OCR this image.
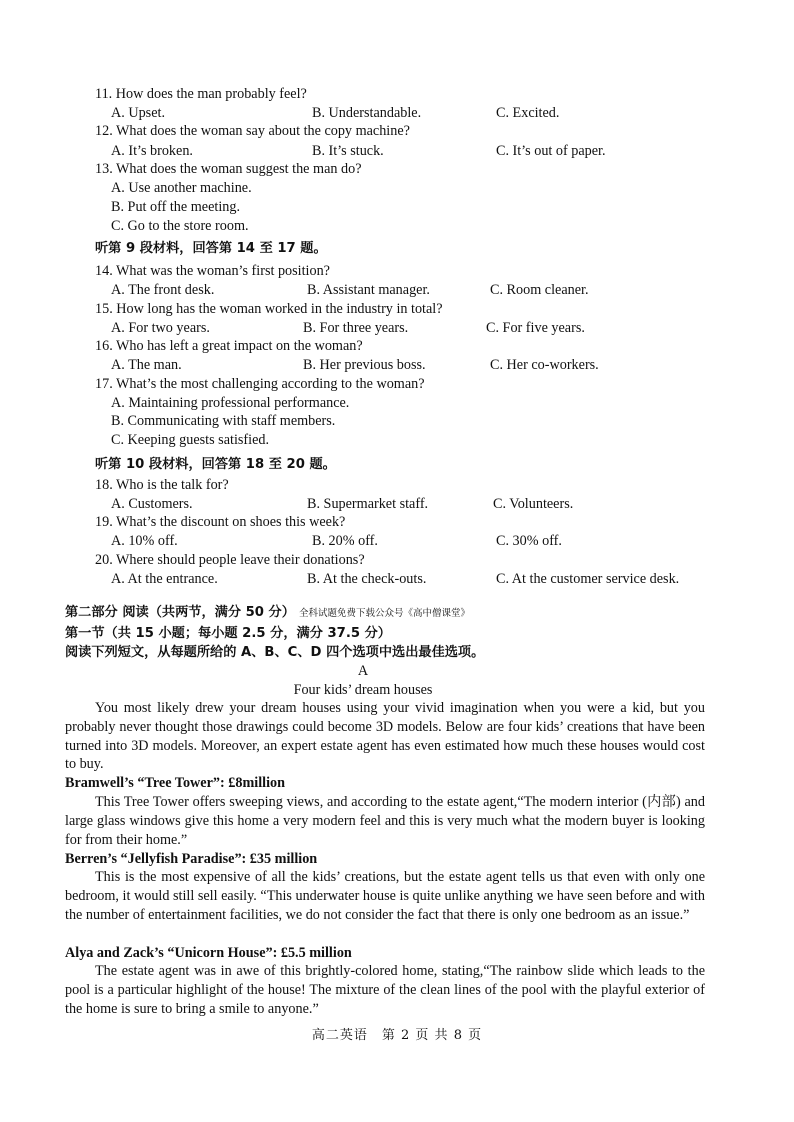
11. How does the man probably feel?
A. Upset.	B. Understandable.	C. Excited.
12. What does the woman say about the copy machine?
A. It’s broken.	B. It’s stuck.	C. It’s out of paper.
13. What does the woman suggest the man do?
A. Use another machine.
B. Put off the meeting.
C. Go to the store room.
听第 9 段材料，回答第 14 至 17 题。
14. What was the woman’s first position?
A. The front desk.	B. Assistant manager.	C. Room cleaner.
15. How long has the woman worked in the industry in total?
A. For two years.	B. For three years.	C. For five years.
16. Who has left a great impact on the woman?
A. The man.	B. Her previous boss.	C. Her co-workers.
17. What’s the most challenging according to the woman?
A. Maintaining professional performance.
B. Communicating with staff members.
C. Keeping guests satisfied.
听第 10 段材料，回答第 18 至 20 题。
18. Who is the talk for?
A. Customers.	B. Supermarket staff.	C. Volunteers.
19. What’s the discount on shoes this week?
A. 10% off.	B. 20% off.	C. 30% off.
20. Where should people leave their donations?
A. At the entrance.	B. At the check-outs.	C. At the customer service desk.
第二部分 阅读（共两节，满分 50 分） 全科试题免费下载公众号《高中僧课堂》
第一节（共 15 小题；每小题 2.5 分，满分 37.5 分）
阅读下列短文，从每题所给的 A、B、C、D 四个选项中选出最佳选项。
A
Four kids’ dream houses
You most likely drew your dream houses using your vivid imagination when you were a kid, but you probably never thought those drawings could become 3D models. Below are four kids’ creations that have been turned into 3D models. Moreover, an expert estate agent has even estimated how much these houses would cost to buy.
Bramwell’s “Tree Tower”: £8million
This Tree Tower offers sweeping views, and according to the estate agent,“The modern interior (内部) and large glass windows give this home a very modern feel and this is very much what the modern buyer is looking for from their home.”
Berren’s “Jellyfish Paradise”: £35 million
This is the most expensive of all the kids’ creations, but the estate agent tells us that even with only one bedroom, it would still sell easily. “This underwater house is quite unlike anything we have seen before and with the number of entertainment facilities, we do not consider the fact that there is only one bedroom as an issue.”
Alya and Zack’s “Unicorn House”: £5.5 million
The estate agent was in awe of this brightly-colored home, stating,“The rainbow slide which leads to the pool is a particular highlight of the house! The mixture of the clean lines of the pool with the playful exterior of the home is sure to bring a smile to anyone.”
高二英语　第 2 页 共 8 页
